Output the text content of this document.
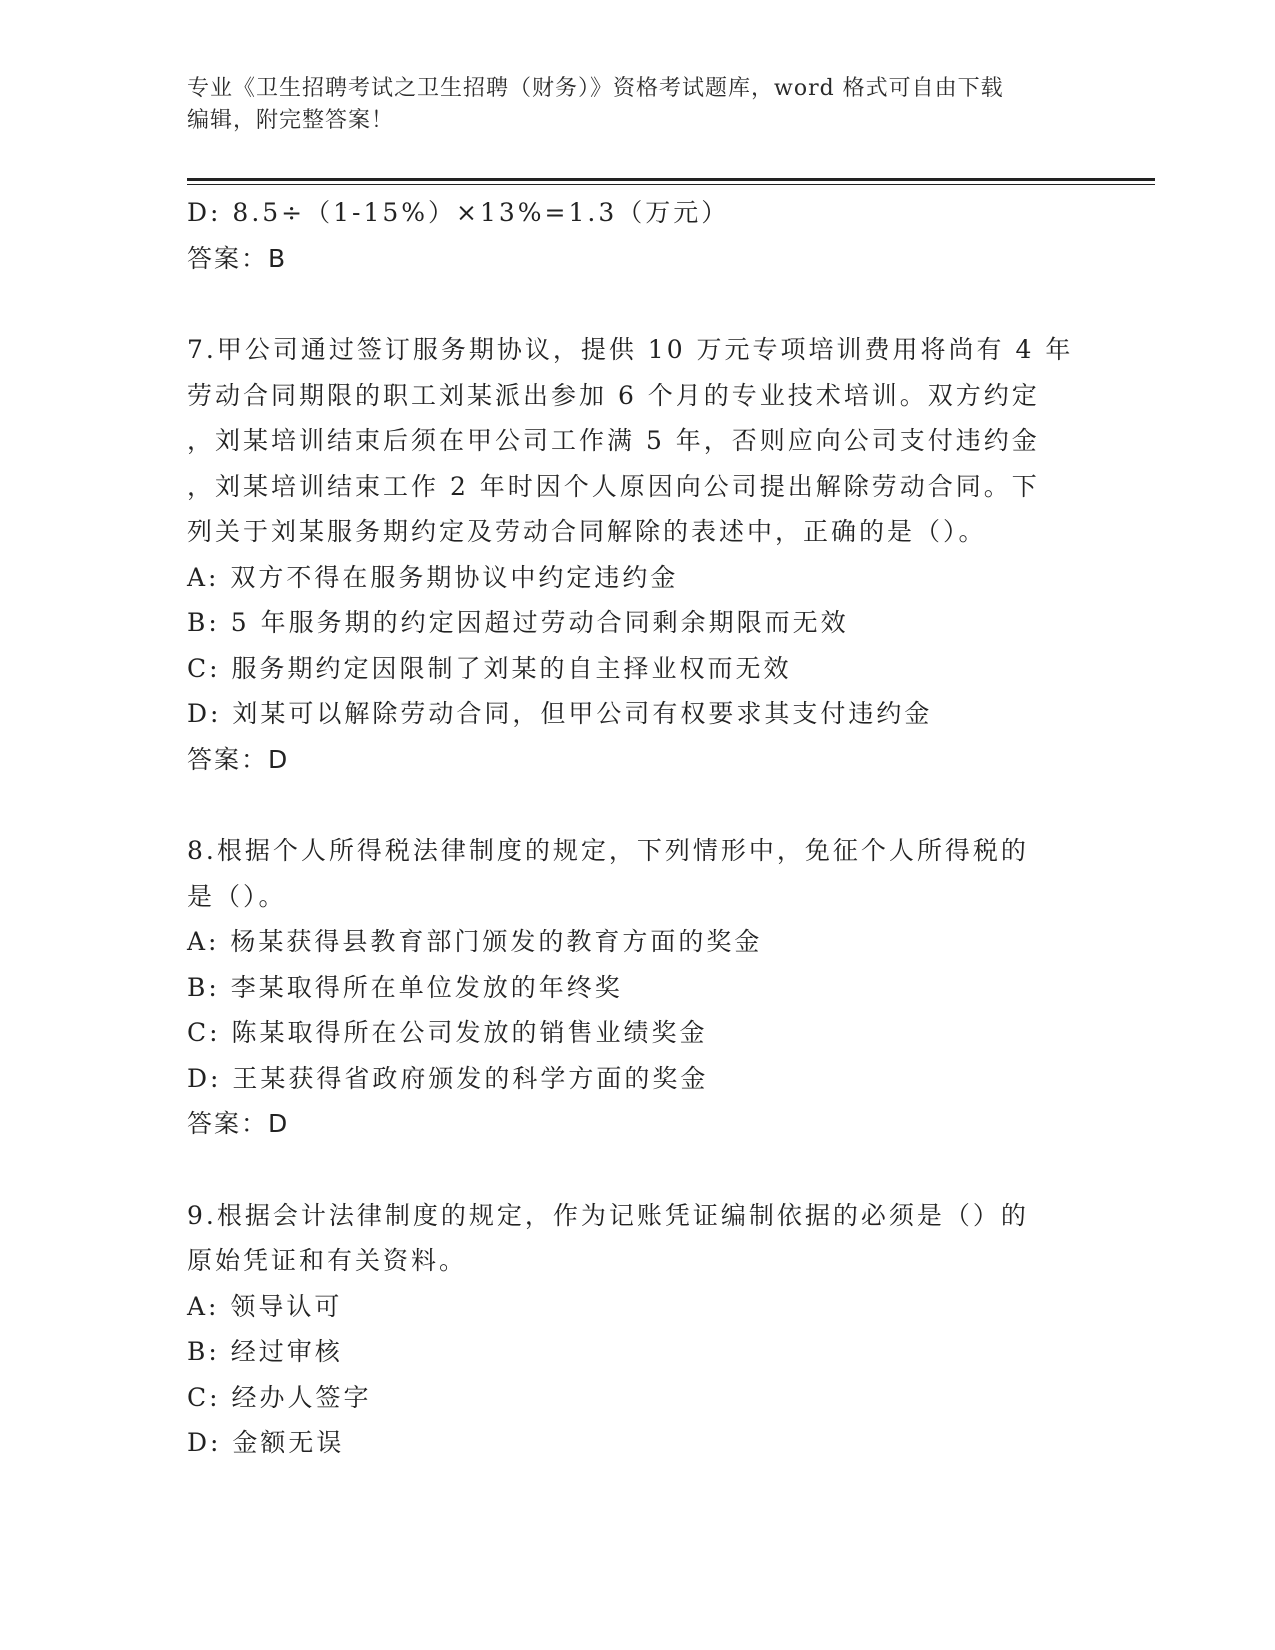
专业《卫生招聘考试之卫生招聘（财务）》资格考试题库，word 格式可自由下载
编辑，附完整答案！
D: 8.5÷（1-15%）×13%=1.3（万元）
答案：B
7.甲公司通过签订服务期协议，提供 10 万元专项培训费用将尚有 4 年
劳动合同期限的职工刘某派出参加 6 个月的专业技术培训。双方约定
，刘某培训结束后须在甲公司工作满 5 年，否则应向公司支付违约金
，刘某培训结束工作 2 年时因个人原因向公司提出解除劳动合同。下
列关于刘某服务期约定及劳动合同解除的表述中，正确的是（）。
A: 双方不得在服务期协议中约定违约金
B: 5 年服务期的约定因超过劳动合同剩余期限而无效
C: 服务期约定因限制了刘某的自主择业权而无效
D: 刘某可以解除劳动合同，但甲公司有权要求其支付违约金
答案：D
8.根据个人所得税法律制度的规定，下列情形中，免征个人所得税的
是（）。
A: 杨某获得县教育部门颁发的教育方面的奖金
B: 李某取得所在单位发放的年终奖
C: 陈某取得所在公司发放的销售业绩奖金
D: 王某获得省政府颁发的科学方面的奖金
答案：D
9.根据会计法律制度的规定，作为记账凭证编制依据的必须是（）的
原始凭证和有关资料。
A: 领导认可
B: 经过审核
C: 经办人签字
D: 金额无误
